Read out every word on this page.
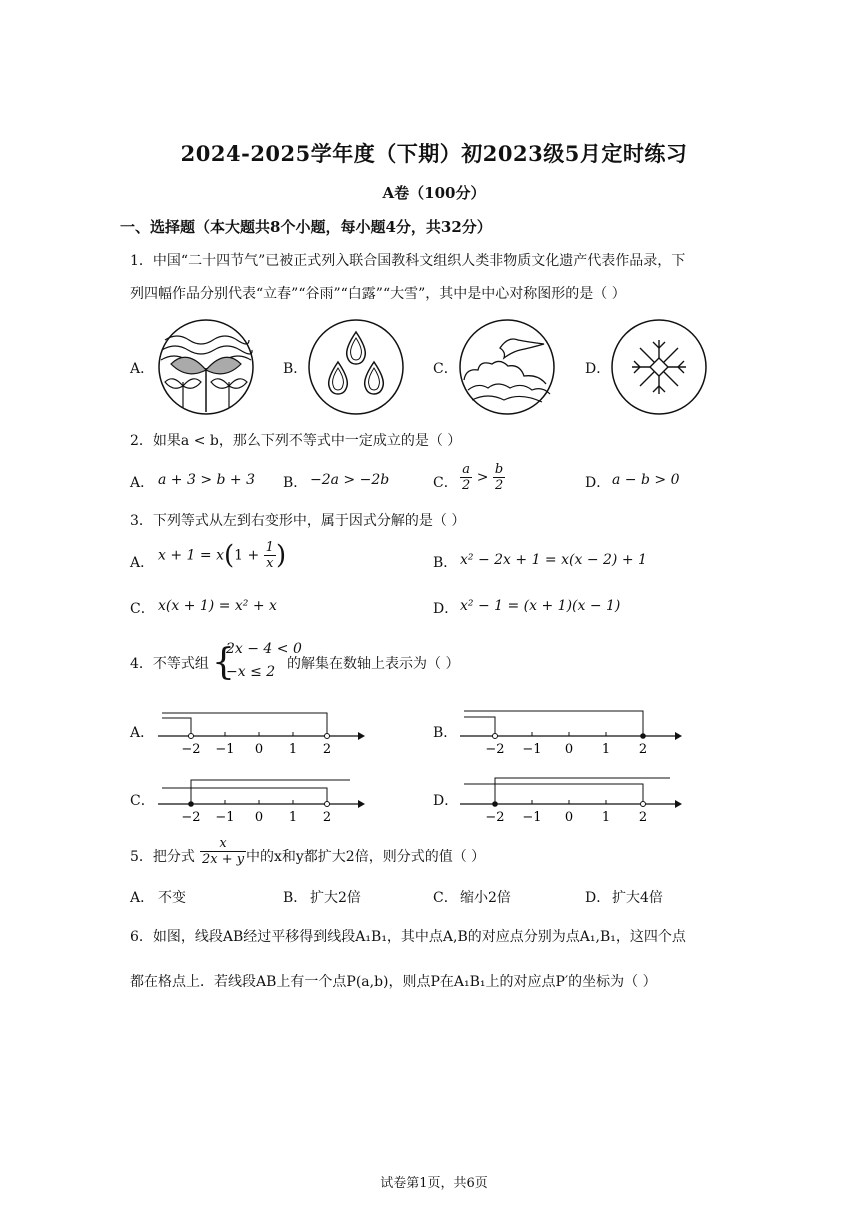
2024-2025学年度（下期）初2023级5月定时练习
A卷（100分）
一、选择题（本大题共8个小题，每小题4分，共32分）
1．中国“二十四节气”已被正式列入联合国教科文组织人类非物质文化遗产代表作品录，下
列四幅作品分别代表“立春”“谷雨”“白露”“大雪”，其中是中心对称图形的是（ ）
A．	B．	C．	D．
2．如果a < b，那么下列不等式中一定成立的是（ ）
A． a + 3 > b + 3 B． −2a > −2b	C． $\frac{a}{2} > \frac{b}{2}$	D． a − b > 0
3．下列等式从左到右变形中，属于因式分解的是（ ）
A． $x + 1 = x(1 + \frac{1}{x}$ )	B． x² − 2x + 1 = x(x − 2) + 1
C． x(x + 1) = x² + x	D． x² − 1 = (x + 1)(x − 1)
4．不等式组 {
2x − 4 < 0
−x ≤ 2 的解集在数轴上表示为（ ）
A．
−2 −1 0 1 2
B．
−2 −1 0 1 2
C．
−2 −1 0 1 2
D．
−2 −1 0 1 2
5．把分式 $\frac{x}{2x + y}$ 中的x和y都扩大2倍，则分式的值（ ）
A． 不变	B． 扩大2倍	C． 缩小2倍	D． 扩大4倍
6．如图，线段AB经过平移得到线段A₁B₁，其中点A,B的对应点分别为点A₁,B₁，这四个点
都在格点上．若线段AB上有一个点P(a,b)，则点P在A₁B₁上的对应点P′的坐标为（ ）
试卷第1页，共6页
